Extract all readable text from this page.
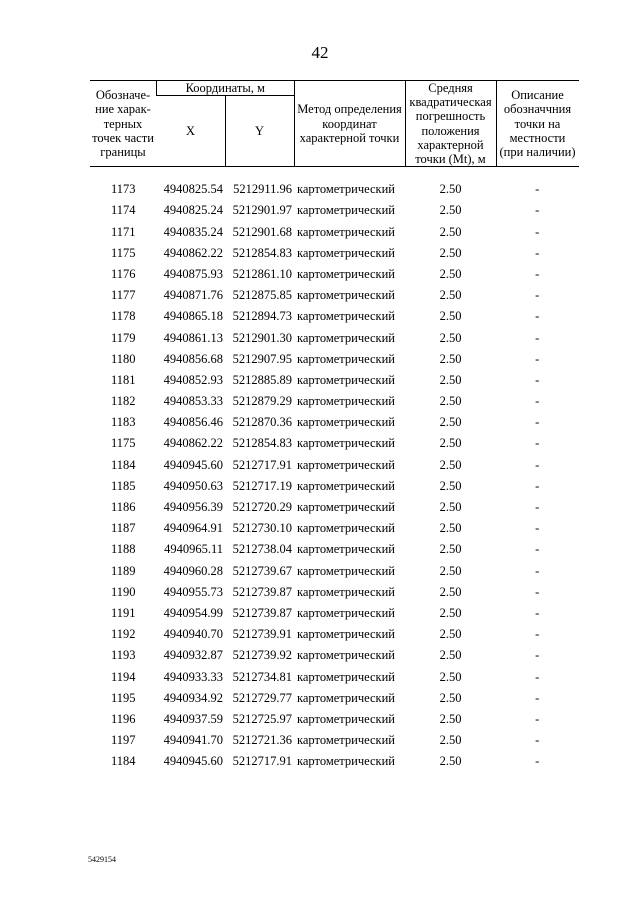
42
Обозначе-ние харак-терных точек части границы	Координаты, м		Метод определения координат характерной точки	Средняя квадратическая погрешность положения характерной точки (Mt), м	Описание обозначчния точки на местности (при наличии)
	X	Y			
1173	4940825.54	5212911.96	картометрический	2.50	-
1174	4940825.24	5212901.97	картометрический	2.50	-
1171	4940835.24	5212901.68	картометрический	2.50	-
1175	4940862.22	5212854.83	картометрический	2.50	-
1176	4940875.93	5212861.10	картометрический	2.50	-
1177	4940871.76	5212875.85	картометрический	2.50	-
1178	4940865.18	5212894.73	картометрический	2.50	-
1179	4940861.13	5212901.30	картометрический	2.50	-
1180	4940856.68	5212907.95	картометрический	2.50	-
1181	4940852.93	5212885.89	картометрический	2.50	-
1182	4940853.33	5212879.29	картометрический	2.50	-
1183	4940856.46	5212870.36	картометрический	2.50	-
1175	4940862.22	5212854.83	картометрический	2.50	-
1184	4940945.60	5212717.91	картометрический	2.50	-
1185	4940950.63	5212717.19	картометрический	2.50	-
1186	4940956.39	5212720.29	картометрический	2.50	-
1187	4940964.91	5212730.10	картометрический	2.50	-
1188	4940965.11	5212738.04	картометрический	2.50	-
1189	4940960.28	5212739.67	картометрический	2.50	-
1190	4940955.73	5212739.87	картометрический	2.50	-
1191	4940954.99	5212739.87	картометрический	2.50	-
1192	4940940.70	5212739.91	картометрический	2.50	-
1193	4940932.87	5212739.92	картометрический	2.50	-
1194	4940933.33	5212734.81	картометрический	2.50	-
1195	4940934.92	5212729.77	картометрический	2.50	-
1196	4940937.59	5212725.97	картометрический	2.50	-
1197	4940941.70	5212721.36	картометрический	2.50	-
1184	4940945.60	5212717.91	картометрический	2.50	-
5429154
